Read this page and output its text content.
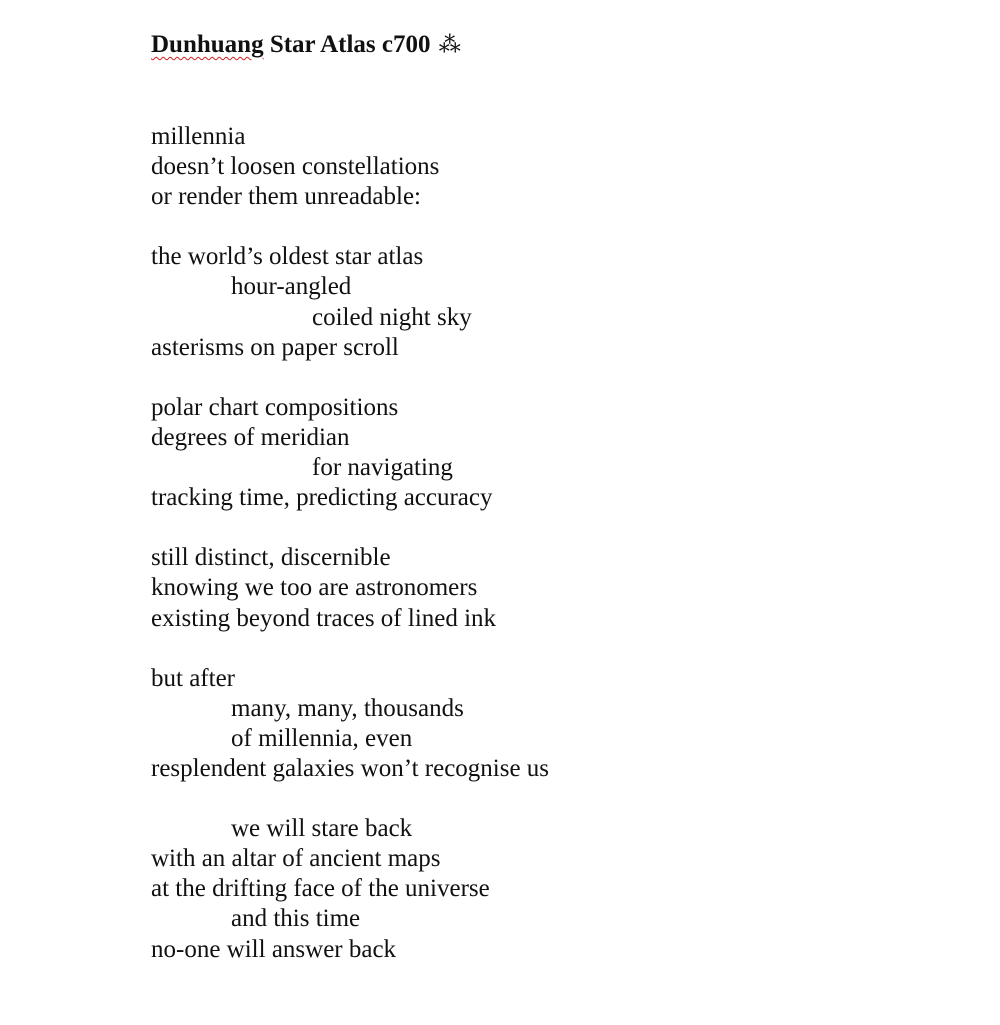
Dunhuang Star Atlas c700 ⁂
millennia
doesn’t loosen constellations
or render them unreadable:
the world’s oldest star atlas
hour-angled
coiled night sky
asterisms on paper scroll
polar chart compositions
degrees of meridian
for navigating
tracking time, predicting accuracy
still distinct, discernible
knowing we too are astronomers
existing beyond traces of lined ink
but after
many, many, thousands
of millennia, even
resplendent galaxies won’t recognise us
we will stare back
with an altar of ancient maps
at the drifting face of the universe
and this time
no-one will answer back
